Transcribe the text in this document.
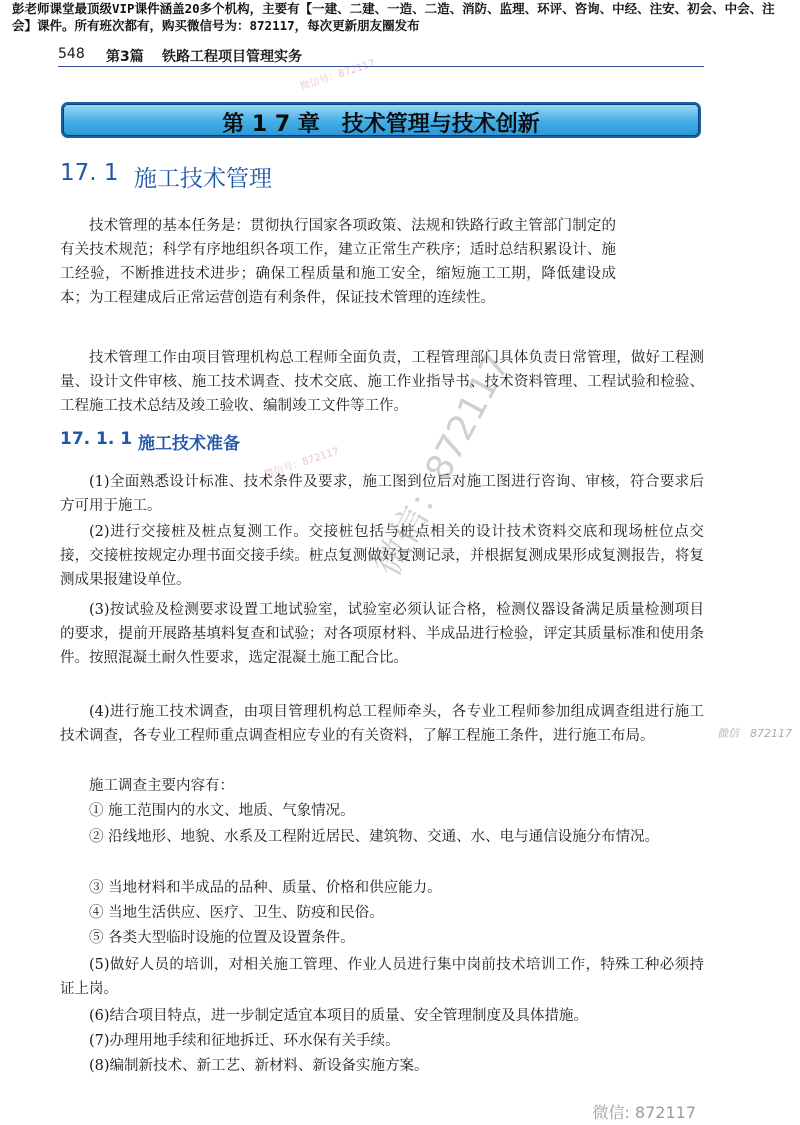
彭老师课堂最顶级VIP课件涵盖20多个机构，主要有【一建、二建、一造、二造、消防、监理、环评、咨询、中经、注安、初会、中会、注会】课件。所有班次都有，购买微信号为：872117，每次更新朋友圈发布
548 第3篇 铁路工程项目管理实务
第 1 7 章　技术管理与技术创新
17. 1 施工技术管理
技术管理的基本任务是：贯彻执行国家各项政策、法规和铁路行政主管部门制定的有关技术规范；科学有序地组织各项工作，建立正常生产秩序；适时总结积累设计、施工经验，不断推进技术进步；确保工程质量和施工安全，缩短施工工期，降低建设成本；为工程建成后正常运营创造有利条件，保证技术管理的连续性。
技术管理工作由项目管理机构总工程师全面负责，工程管理部门具体负责日常管理，做好工程测量、设计文件审核、施工技术调查、技术交底、施工作业指导书、技术资料管理、工程试验和检验、工程施工技术总结及竣工验收、编制竣工文件等工作。
17. 1. 1 施工技术准备
(1)全面熟悉设计标准、技术条件及要求，施工图到位后对施工图进行咨询、审核，符合要求后方可用于施工。
(2)进行交接桩及桩点复测工作。交接桩包括与桩点相关的设计技术资料交底和现场桩位点交接，交接桩按规定办理书面交接手续。桩点复测做好复测记录，并根据复测成果形成复测报告，将复测成果报建设单位。
(3)按试验及检测要求设置工地试验室，试验室必须认证合格，检测仪器设备满足质量检测项目的要求，提前开展路基填料复查和试验；对各项原材料、半成品进行检验，评定其质量标准和使用条件。按照混凝土耐久性要求，选定混凝土施工配合比。
(4)进行施工技术调查，由项目管理机构总工程师牵头，各专业工程师参加组成调查组进行施工技术调查，各专业工程师重点调查相应专业的有关资料，了解工程施工条件，进行施工布局。
施工调查主要内容有：
① 施工范围内的水文、地质、气象情况。
② 沿线地形、地貌、水系及工程附近居民、建筑物、交通、水、电与通信设施分布情况。
③ 当地材料和半成品的品种、质量、价格和供应能力。
④ 当地生活供应、医疗、卫生、防疫和民俗。
⑤ 各类大型临时设施的位置及设置条件。
(5)做好人员的培训，对相关施工管理、作业人员进行集中岗前技术培训工作，特殊工种必须持证上岗。
(6)结合项目特点，进一步制定适宜本项目的质量、安全管理制度及具体措施。
(7)办理用地手续和征地拆迁、环水保有关手续。
(8)编制新技术、新工艺、新材料、新设备实施方案。
微信：872117
微信号：872117
微信号：872117
微信　872117
微信: 872117
